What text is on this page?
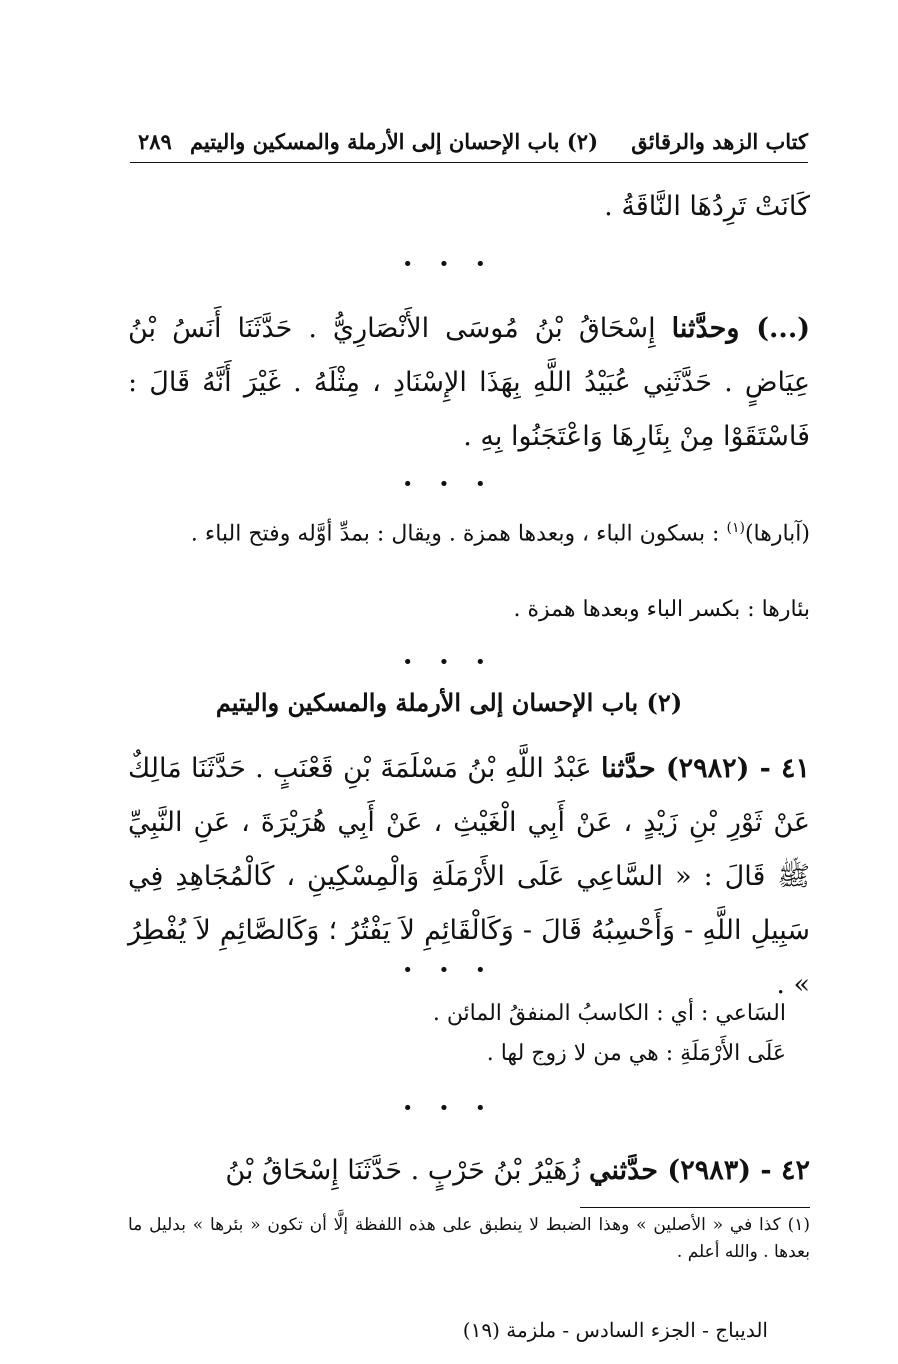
كتاب الزهد والرقائق
(٢) باب الإحسان إلى الأرملة والمسكين واليتيم
٢٨٩
كَانَتْ تَرِدُهَا النَّاقَةُ .
• • •
(...) وحدَّثنا إِسْحَاقُ بْنُ مُوسَى الأَنْصَارِيُّ . حَدَّثَنَا أَنَسُ بْنُ عِيَاضٍ . حَدَّثَنِي عُبَيْدُ اللَّهِ بِهَذَا الإِسْنَادِ ، مِثْلَهُ . غَيْرَ أَنَّهُ قَالَ : فَاسْتَقَوْا مِنْ بِئَارِهَا وَاعْتَجَنُوا بِهِ .
• • •
(آبارها)$^{(١)}$ : بسكون الباء ، وبعدها همزة . ويقال : بمدِّ أوَّله وفتح الباء .
بئارها : بكسر الباء وبعدها همزة .
• • •
(٢) باب الإحسان إلى الأرملة والمسكين واليتيم
٤١ - (٢٩٨٢) حدَّثنا عَبْدُ اللَّهِ بْنُ مَسْلَمَةَ بْنِ قَعْنَبٍ . حَدَّثَنَا مَالِكٌ عَنْ ثَوْرِ بْنِ زَيْدٍ ، عَنْ أَبِي الْغَيْثِ ، عَنْ أَبِي هُرَيْرَةَ ، عَنِ النَّبِيِّ ﷺ قَالَ : « السَّاعِي عَلَى الأَرْمَلَةِ وَالْمِسْكِينِ ، كَالْمُجَاهِدِ فِي سَبِيلِ اللَّهِ - وَأَحْسِبُهُ قَالَ - وَكَالْقَائِمِ لاَ يَفْتُرُ ؛ وَكَالصَّائِمِ لاَ يُفْطِرُ » .
• • •
السَاعي : أي : الكاسبُ المنفقُ المائن .
عَلَى الأَرْمَلَةِ : هي من لا زوج لها .
• • •
٤٢ - (٢٩٨٣) حدَّثني زُهَيْرُ بْنُ حَرْبٍ . حَدَّثَنَا إِسْحَاقُ بْنُ
(١) كذا في « الأصلين » وهذا الضبط لا ينطبق على هذه اللفظة إلَّا أن تكون « بئرها » بدليل ما بعدها . والله أعلم .
الديباج - الجزء السادس - ملزمة (١٩)
